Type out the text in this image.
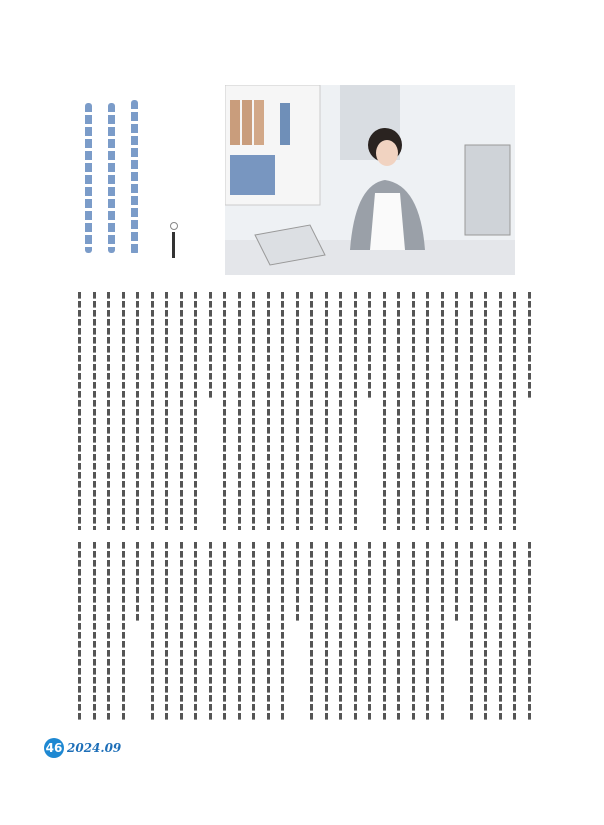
46 2024.09
